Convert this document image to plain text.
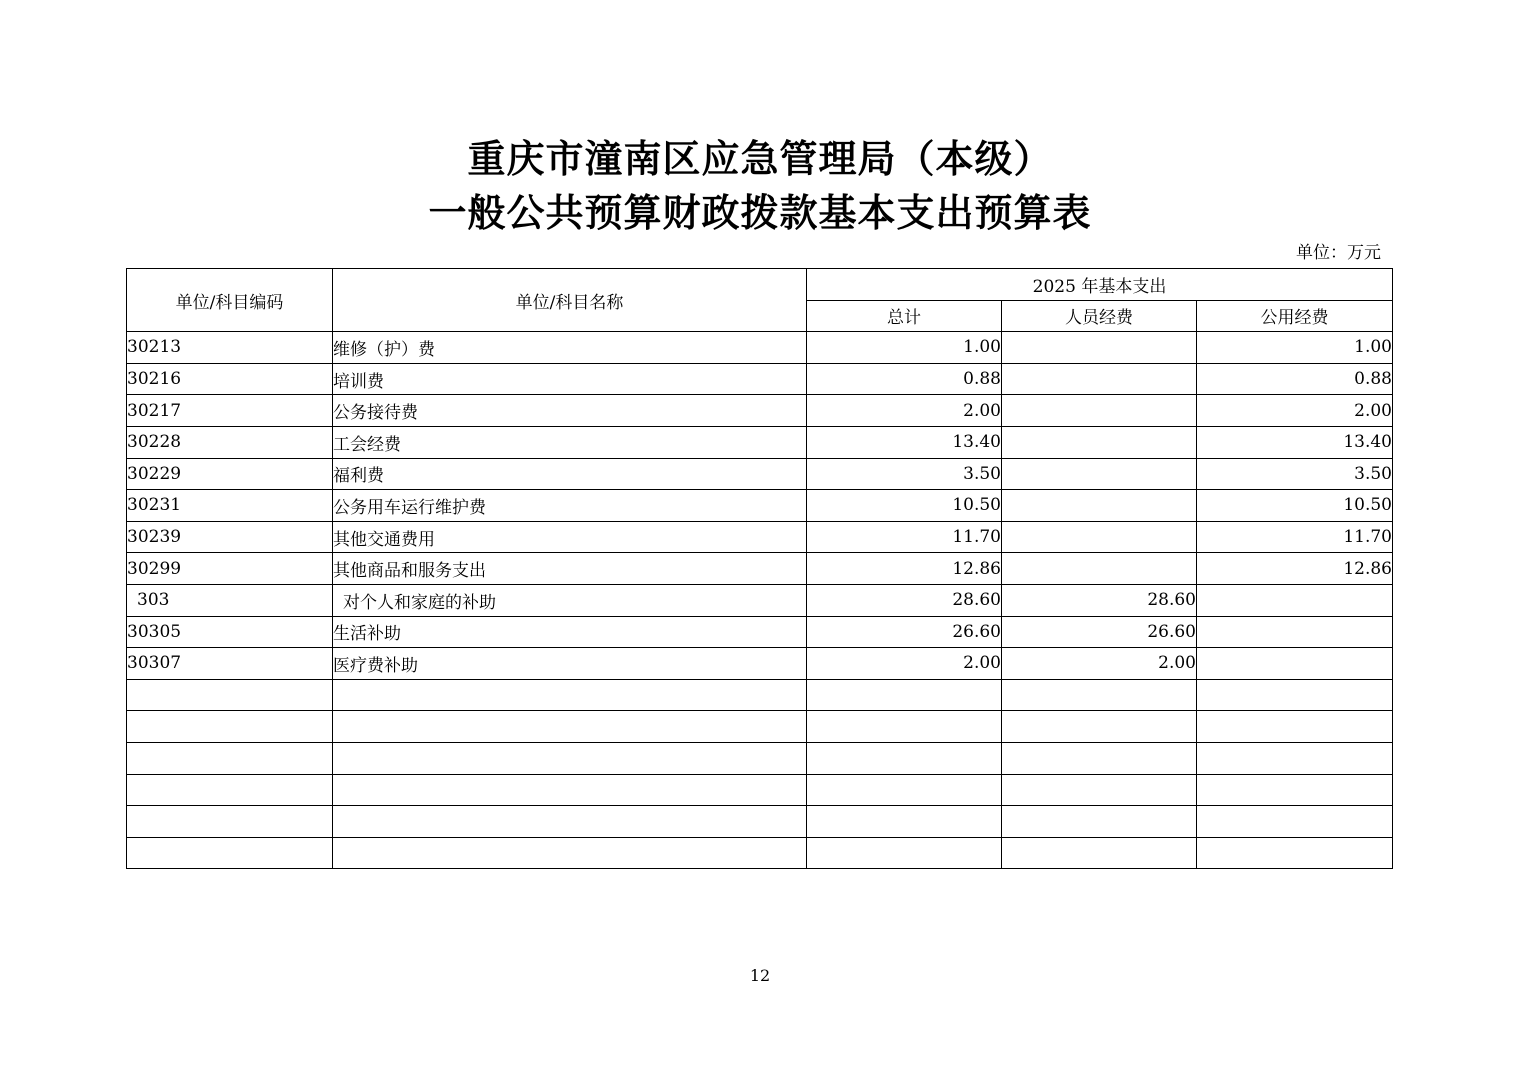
重庆市潼南区应急管理局（本级）
一般公共预算财政拨款基本支出预算表
单位：万元
单位/科目编码	单位/科目名称	2025 年基本支出		
		总计	人员经费	公用经费
30213	维修（护）费	1.00		1.00
30216	培训费	0.88		0.88
30217	公务接待费	2.00		2.00
30228	工会经费	13.40		13.40
30229	福利费	3.50		3.50
30231	公务用车运行维护费	10.50		10.50
30239	其他交通费用	11.70		11.70
30299	其他商品和服务支出	12.86		12.86
303	对个人和家庭的补助	28.60	28.60	
30305	生活补助	26.60	26.60	
30307	医疗费补助	2.00	2.00	

12
